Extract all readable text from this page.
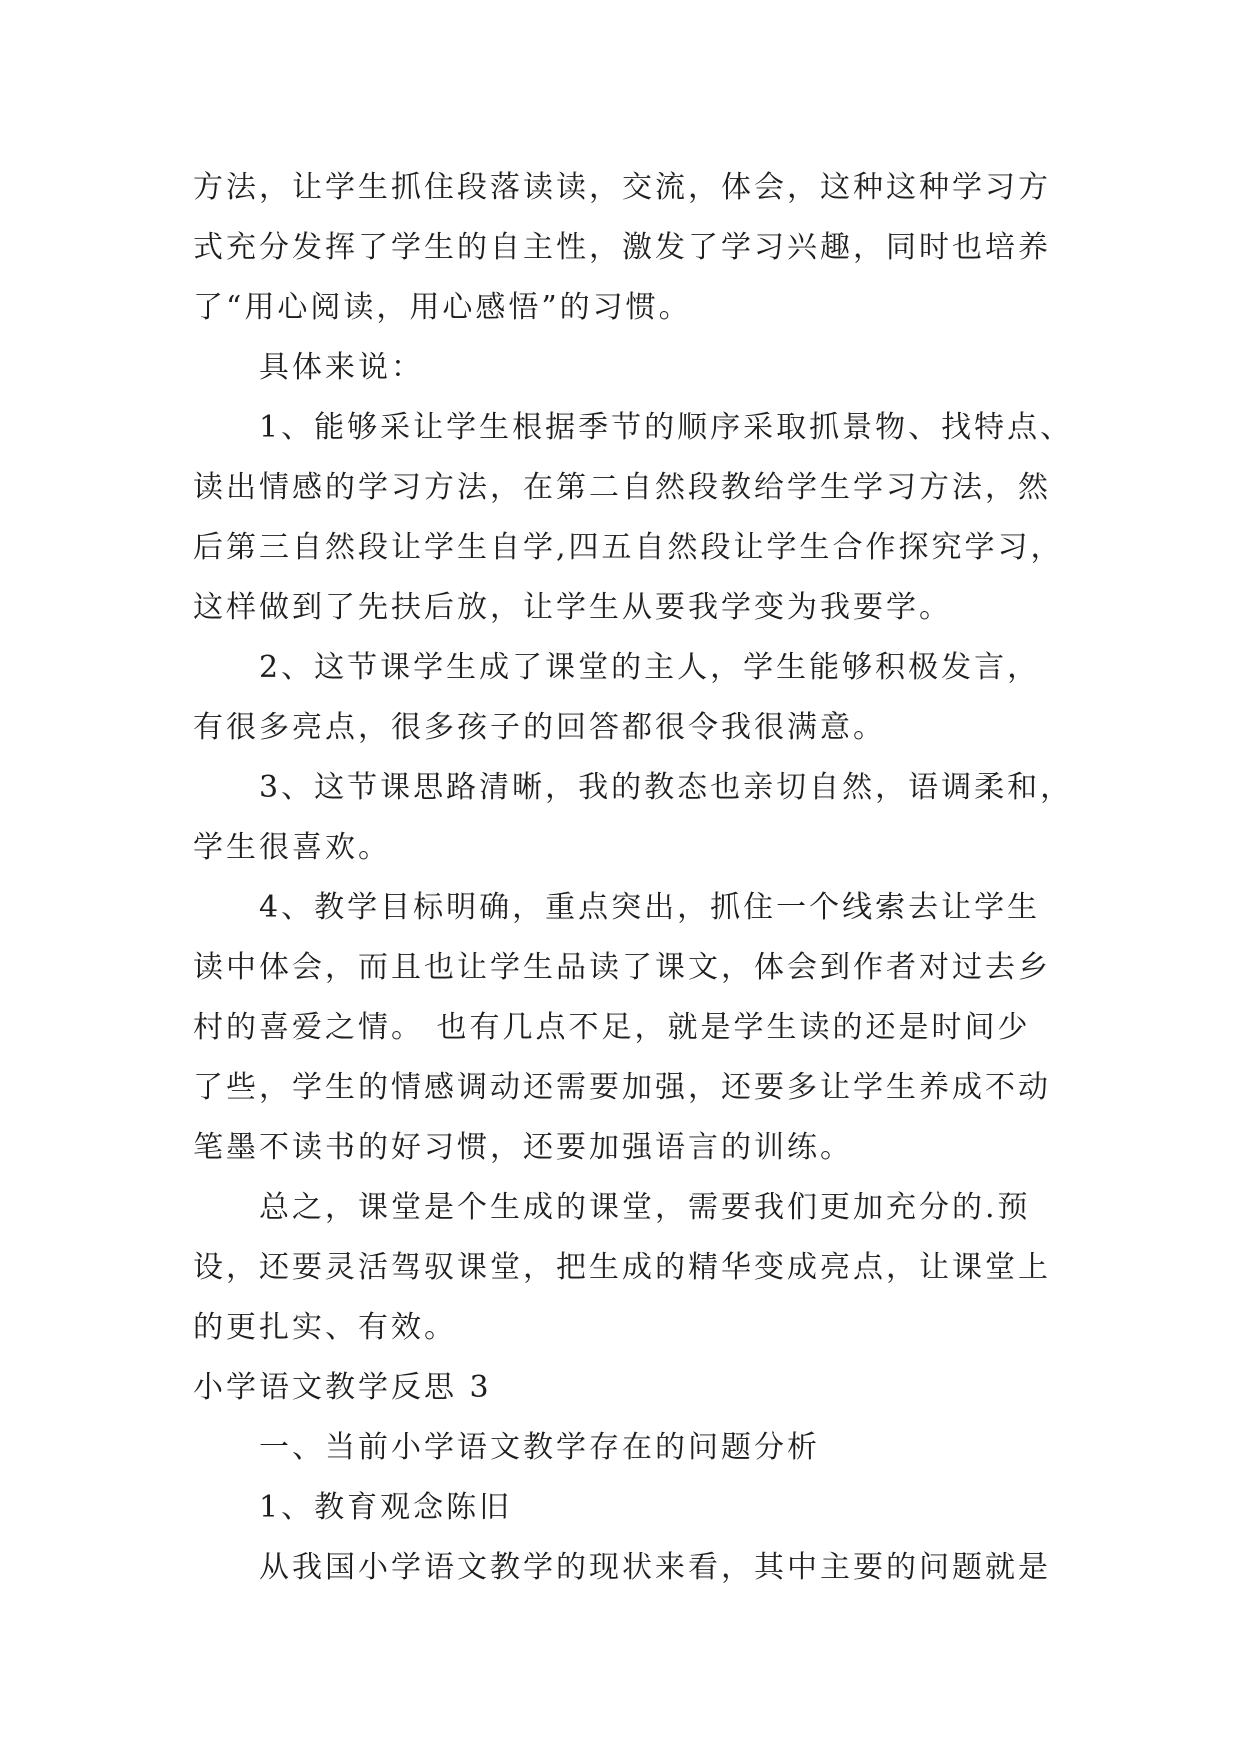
方法，让学生抓住段落读读，交流，体会，这种这种学习方
式充分发挥了学生的自主性，激发了学习兴趣，同时也培养
了“用心阅读，用心感悟”的习惯。
具体来说：
1、能够采让学生根据季节的顺序采取抓景物、找特点、
读出情感的学习方法，在第二自然段教给学生学习方法，然
后第三自然段让学生自学,四五自然段让学生合作探究学习，
这样做到了先扶后放，让学生从要我学变为我要学。
2、这节课学生成了课堂的主人，学生能够积极发言，
有很多亮点，很多孩子的回答都很令我很满意。
3、这节课思路清晰，我的教态也亲切自然，语调柔和，
学生很喜欢。
4、教学目标明确，重点突出，抓住一个线索去让学生
读中体会，而且也让学生品读了课文，体会到作者对过去乡
村的喜爱之情。 也有几点不足，就是学生读的还是时间少
了些，学生的情感调动还需要加强，还要多让学生养成不动
笔墨不读书的好习惯，还要加强语言的训练。
总之，课堂是个生成的课堂，需要我们更加充分的.预
设，还要灵活驾驭课堂，把生成的精华变成亮点，让课堂上
的更扎实、有效。
小学语文教学反思 3
一、当前小学语文教学存在的问题分析
1、教育观念陈旧
从我国小学语文教学的现状来看，其中主要的问题就是
